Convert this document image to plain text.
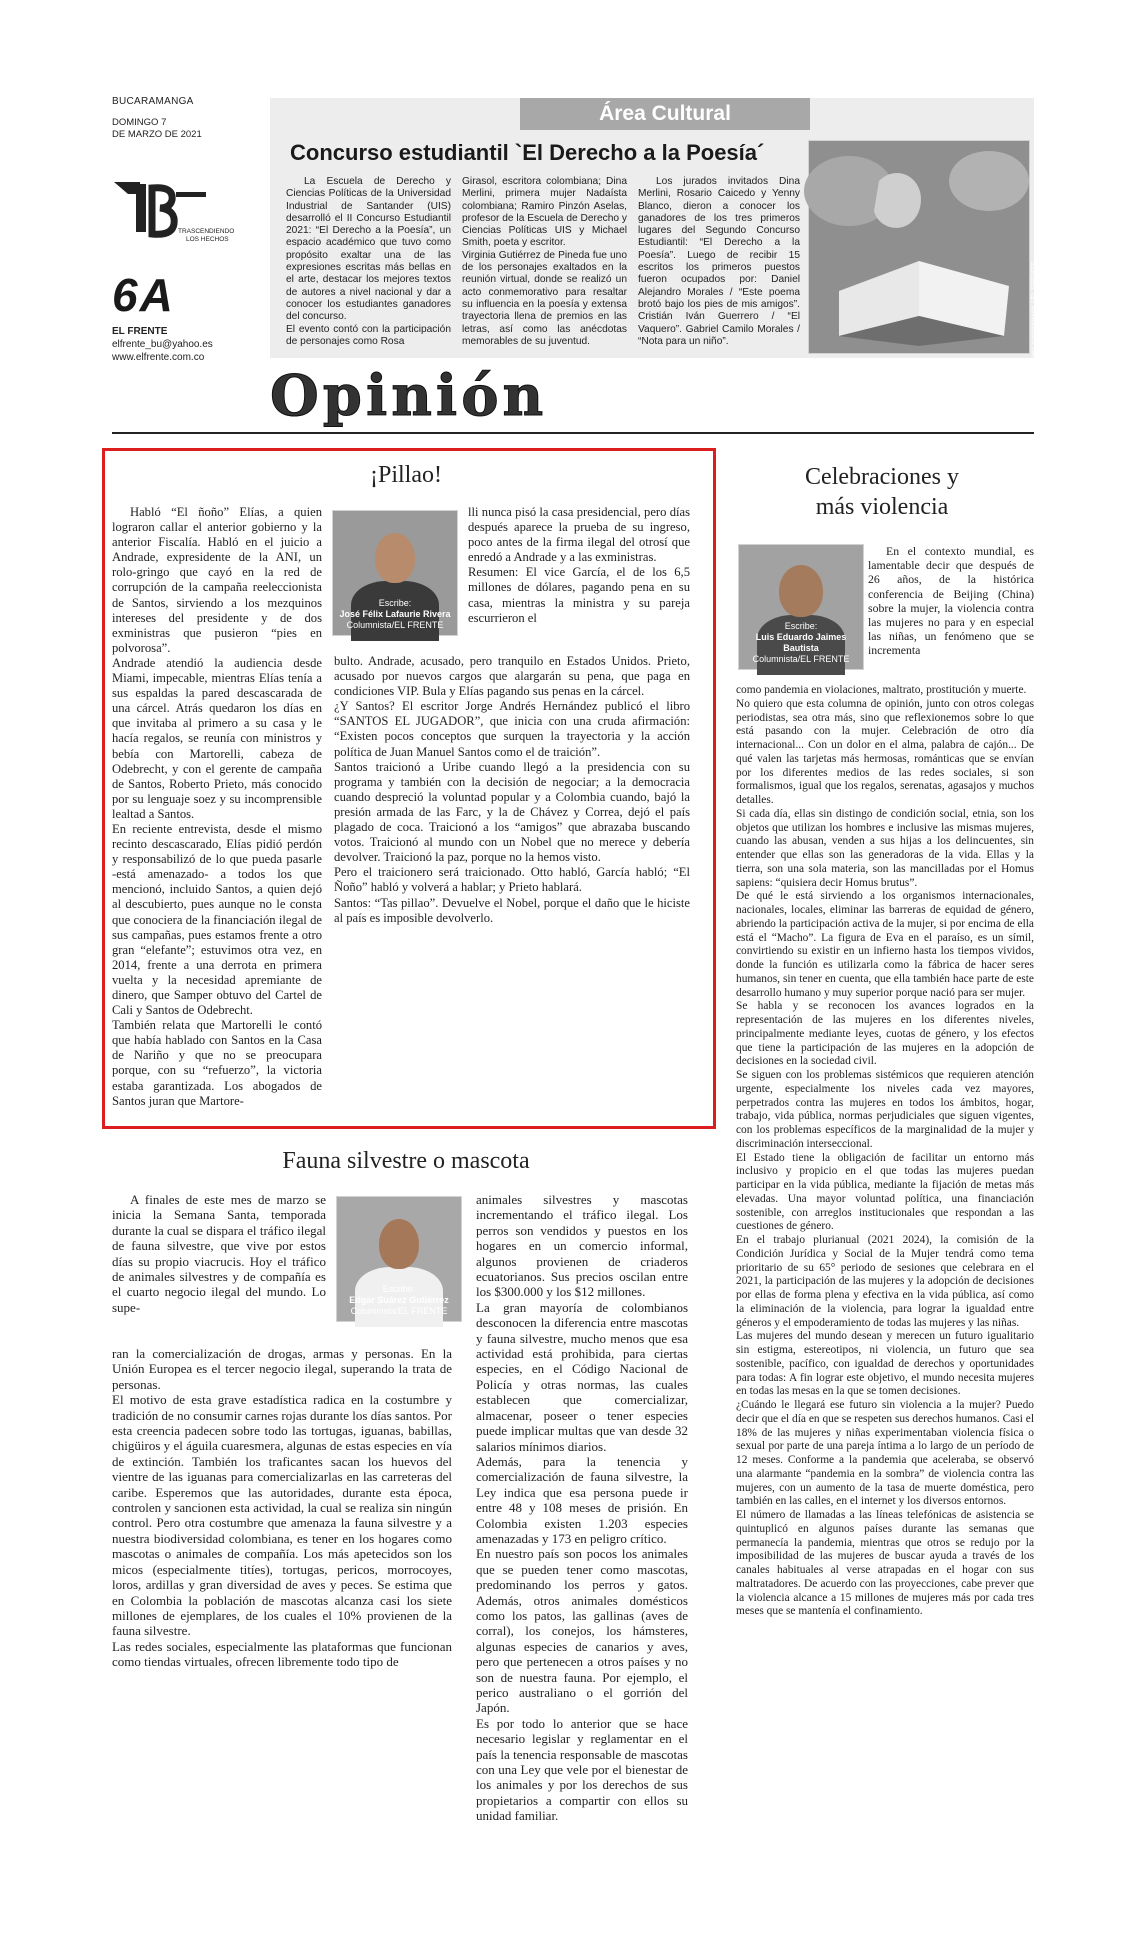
BUCARAMANGA
DOMINGO 7
DE MARZO DE 2021
TRASCENDIENDO
LOS HECHOS
6A
EL FRENTE
elfrente_bu@yahoo.es
www.elfrente.com.co
Área Cultural
Concurso estudiantil `El Derecho a la Poesía´

La Escuela de Derecho y Ciencias Políticas de la Universidad Industrial de Santander (UIS) desarrolló el II Concurso Estudiantil 2021: “El Derecho a la Poesía”, un espacio académico que tuvo como propósito exaltar una de las expresiones escritas más bellas en el arte, destacar los mejores textos de autores a nivel nacional y dar a conocer los estudiantes ganadores del concurso.
El evento contó con la participación de personajes como Rosa

Girasol, escritora colombiana; Dina Merlini, primera mujer Nadaísta colombiana; Ramiro Pinzón Aselas, profesor de la Escuela de Derecho y Ciencias Políticas UIS y Michael Smith, poeta y escritor.
Virginia Gutiérrez de Pineda fue uno de los personajes exaltados en la reunión virtual, donde se realizó un acto conmemorativo para resaltar su influencia en la poesía y extensa trayectoria llena de premios en las letras, así como las anécdotas memorables de su juventud.

Los jurados invitados Dina Merlini, Rosario Caicedo y Yenny Blanco, dieron a conocer los ganadores de los tres primeros lugares del Segundo Concurso Estudiantil: “El Derecho a la Poesía”. Luego de recibir 15 escritos los primeros puestos fueron ocupados por: Daniel Alejandro Morales / “Este poema brotó bajo los pies de mis amigos”. Cristián Iván Guerrero / “El Vaquero”. Gabriel Camilo Morales / “Nota para un niño”.	Foto suministrada / EL FRENTE
Opinión
¡Pillao!

Habló “El ñoño” Elías, a quien lograron callar el anterior gobierno y la anterior Fiscalía. Habló en el juicio a Andrade, expresidente de la ANI, un rolo-gringo que cayó en la red de corrupción de la campaña reeleccionista de Santos, sirviendo a los mezquinos intereses del presidente y de dos exministras que pusieron “pies en polvorosa”.
Andrade atendió la audiencia desde Miami, impecable, mientras Elías tenía a sus espaldas la pared descascarada de una cárcel. Atrás quedaron los días en que invitaba al primero a su casa y le hacía regalos, se reunía con ministros y bebía con Martorelli, cabeza de Odebrecht, y con el gerente de campaña de Santos, Roberto Prieto, más conocido por su lenguaje soez y su incomprensible lealtad a Santos.
En reciente entrevista, desde el mismo recinto descascarado, Elías pidió perdón y responsabilizó de lo que pueda pasarle -está amenazado- a todos los que mencionó, incluido Santos, a quien dejó al descubierto, pues aunque no le consta que conociera de la financiación ilegal de sus campañas, pues estamos frente a otro gran “elefante”; estuvimos otra vez, en 2014, frente a una derrota en primera vuelta y la necesidad apremiante de dinero, que Samper obtuvo del Cartel de Cali y Santos de Odebrecht.
También relata que Martorelli le contó que había hablado con Santos en la Casa de Nariño y que no se preocupara porque, con su “refuerzo”, la victoria estaba garantizada. Los abogados de Santos juran que Martore-

Escribe:
José Félix Lafaurie Rivera
Columnista/EL FRENTE

lli nunca pisó la casa presidencial, pero días después aparece la prueba de su ingreso, poco antes de la firma ilegal del otrosí que enredó a Andrade y a las exministras.
Resumen: El vice García, el de los 6,5 millones de dólares, pagando pena en su casa, mientras la ministra y su pareja escurrieron el

bulto. Andrade, acusado, pero tranquilo en Estados Unidos. Prieto, acusado por nuevos cargos que alargarán su pena, que paga en condiciones VIP. Bula y Elías pagando sus penas en la cárcel.
¿Y Santos? El escritor Jorge Andrés Hernández publicó el libro “SANTOS EL JUGADOR”, que inicia con una cruda afirmación: “Existen pocos conceptos que surquen la trayectoria y la acción política de Juan Manuel Santos como el de traición”.
Santos traicionó a Uribe cuando llegó a la presidencia con su programa y también con la decisión de negociar; a la democracia cuando despreció la voluntad popular y a Colombia cuando, bajó la presión armada de las Farc, y la de Chávez y Correa, dejó el país plagado de coca. Traicionó a los “amigos” que abrazaba buscando votos. Traicionó al mundo con un Nobel que no merece y debería devolver. Traicionó la paz, porque no la hemos visto.
Pero el traicionero será traicionado. Otto habló, García habló; “El Ñoño” habló y volverá a hablar; y Prieto hablará.
Santos: “Tas pillao”. Devuelve el Nobel, porque el daño que le hiciste al país es imposible devolverlo.

Celebraciones y
más violencia
Escribe:
Luis Eduardo Jaimes Bautista
Columnista/EL FRENTE

En el contexto mundial, es lamentable decir que después de 26 años, de la histórica conferencia de Beijing (China) sobre la mujer, la violencia contra las mujeres no para y en especial las niñas, un fenómeno que se incrementa

como pandemia en violaciones, maltrato, prostitución y muerte.
No quiero que esta columna de opinión, junto con otros colegas periodistas, sea otra más, sino que reflexionemos sobre lo que está pasando con la mujer. Celebración de otro día internacional... Con un dolor en el alma, palabra de cajón... De qué valen las tarjetas más hermosas, románticas que se envían por los diferentes medios de las redes sociales, si son formalismos, igual que los regalos, serenatas, agasajos y muchos detalles.
Si cada día, ellas sin distingo de condición social, etnia, son los objetos que utilizan los hombres e inclusive las mismas mujeres, cuando las abusan, venden a sus hijas a los delincuentes, sin entender que ellas son las generadoras de la vida. Ellas y la tierra, son una sola materia, son las mancilladas por el Homus sapiens: “quisiera decir Homus brutus”.
De qué le está sirviendo a los organismos internacionales, nacionales, locales, eliminar las barreras de equidad de género, abriendo la participación activa de la mujer, si por encima de ella está el “Macho”. La figura de Eva en el paraíso, es un símil, convirtiendo su existir en un infierno hasta los tiempos vividos, donde la función es utilizarla como la fábrica de hacer seres humanos, sin tener en cuenta, que ella también hace parte de este desarrollo humano y muy superior porque nació para ser mujer.
Se habla y se reconocen los avances logrados en la representación de las mujeres en los diferentes niveles, principalmente mediante leyes, cuotas de género, y los efectos que tiene la participación de las mujeres en la adopción de decisiones en la sociedad civil.
Se siguen con los problemas sistémicos que requieren atención urgente, especialmente los niveles cada vez mayores, perpetrados contra las mujeres en todos los ámbitos, hogar, trabajo, vida pública, normas perjudiciales que siguen vigentes, con los problemas específicos de la marginalidad de la mujer y discriminación interseccional.
El Estado tiene la obligación de facilitar un entorno más inclusivo y propicio en el que todas las mujeres puedan participar en la vida pública, mediante la fijación de metas más elevadas. Una mayor voluntad política, una financiación sostenible, con arreglos institucionales que respondan a las cuestiones de género.
En el trabajo plurianual (2021 2024), la comisión de la Condición Jurídica y Social de la Mujer tendrá como tema prioritario de su 65° periodo de sesiones que celebrara en el 2021, la participación de las mujeres y la adopción de decisiones por ellas de forma plena y efectiva en la vida pública, así como la eliminación de la violencia, para lograr la igualdad entre géneros y el empoderamiento de todas las mujeres y las niñas.
Las mujeres del mundo desean y merecen un futuro igualitario sin estigma, estereotipos, ni violencia, un futuro que sea sostenible, pacífico, con igualdad de derechos y oportunidades para todas: A fin lograr este objetivo, el mundo necesita mujeres en todas las mesas en la que se tomen decisiones.
¿Cuándo le llegará ese futuro sin violencia a la mujer? Puedo decir que el día en que se respeten sus derechos humanos. Casi el 18% de las mujeres y niñas experimentaban violencia física o sexual por parte de una pareja íntima a lo largo de un período de 12 meses. Conforme a la pandemia que aceleraba, se observó una alarmante “pandemia en la sombra” de violencia contra las mujeres, con un aumento de la tasa de muerte doméstica, pero también en las calles, en el internet y los diversos entornos.
El número de llamadas a las líneas telefónicas de asistencia se quintuplicó en algunos países durante las semanas que permanecía la pandemia, mientras que otros se redujo por la imposibilidad de las mujeres de buscar ayuda a través de los canales habituales al verse atrapadas en el hogar con sus maltratadores. De acuerdo con las proyecciones, cabe prever que la violencia alcance a 15 millones de mujeres más por cada tres meses que se mantenía el confinamiento.

Fauna silvestre o mascota

A finales de este mes de marzo se inicia la Semana Santa, temporada durante la cual se dispara el tráfico ilegal de fauna silvestre, que vive por estos días su propio viacrucis. Hoy el tráfico de animales silvestres y de compañía es el cuarto negocio ilegal del mundo. Lo supe-

Escribe:
Edgar Suárez Gutiérrez
Columnista/EL FRENTE

ran la comercialización de drogas, armas y personas. En la Unión Europea es el tercer negocio ilegal, superando la trata de personas.
El motivo de esta grave estadística radica en la costumbre y tradición de no consumir carnes rojas durante los días santos. Por esta creencia padecen sobre todo las tortugas, iguanas, babillas, chigüiros y el águila cuaresmera, algunas de estas especies en vía de extinción. También los traficantes sacan los huevos del vientre de las iguanas para comercializarlas en las carreteras del caribe. Esperemos que las autoridades, durante esta época, controlen y sancionen esta actividad, la cual se realiza sin ningún control. Pero otra costumbre que amenaza la fauna silvestre y a nuestra biodiversidad colombiana, es tener en los hogares como mascotas o animales de compañía. Los más apetecidos son los micos (especialmente titíes), tortugas, pericos, morrocoyes, loros, ardillas y gran diversidad de aves y peces. Se estima que en Colombia la población de mascotas alcanza casi los siete millones de ejemplares, de los cuales el 10% provienen de la fauna silvestre.
Las redes sociales, especialmente las plataformas que funcionan como tiendas virtuales, ofrecen libremente todo tipo de

animales silvestres y mascotas incrementando el tráfico ilegal. Los perros son vendidos y puestos en los hogares en un comercio informal, algunos provienen de criaderos ecuatorianos. Sus precios oscilan entre los $300.000 y los $12 millones.
La gran mayoría de colombianos desconocen la diferencia entre mascotas y fauna silvestre, mucho menos que esa actividad está prohibida, para ciertas especies, en el Código Nacional de Policía y otras normas, las cuales establecen que comercializar, almacenar, poseer o tener especies puede implicar multas que van desde 32 salarios mínimos diarios.
Además, para la tenencia y comercialización de fauna silvestre, la Ley indica que esa persona puede ir entre 48 y 108 meses de prisión. En Colombia existen 1.203 especies amenazadas y 173 en peligro crítico.
En nuestro país son pocos los animales que se pueden tener como mascotas, predominando los perros y gatos. Además, otros animales domésticos como los patos, las gallinas (aves de corral), los conejos, los hámsteres, algunas especies de canarios y aves, pero que pertenecen a otros países y no son de nuestra fauna. Por ejemplo, el perico australiano o el gorrión del Japón.
Es por todo lo anterior que se hace necesario legislar y reglamentar en el país la tenencia responsable de mascotas con una Ley que vele por el bienestar de los animales y por los derechos de sus propietarios a compartir con ellos su unidad familiar.
